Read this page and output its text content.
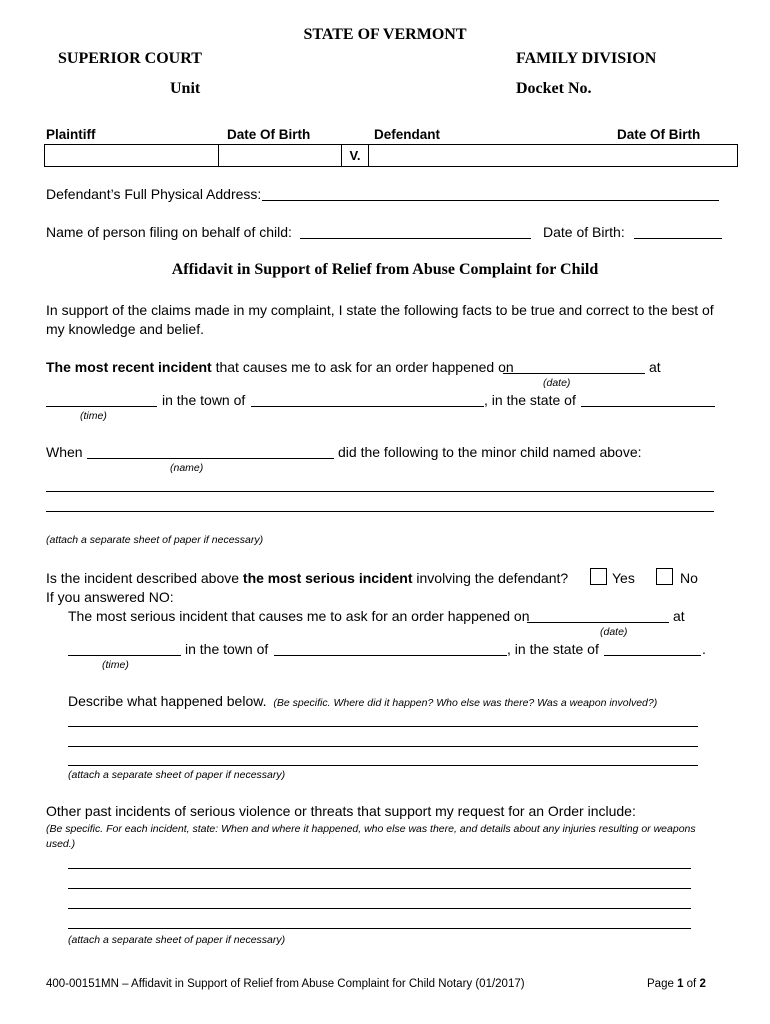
STATE OF VERMONT
SUPERIOR COURT	FAMILY DIVISION
Unit	Docket No.
Plaintiff	Date Of Birth	Defendant	Date Of Birth
V.
Defendant’s Full Physical Address:
Name of person filing on behalf of child:	Date of Birth:
Affidavit in Support of Relief from Abuse Complaint for Child
In support of the claims made in my complaint, I state the following facts to be true and correct to the best of my knowledge and belief.
The most recent incident that causes me to ask for an order happened on	at
(date)
in the town of	, in the state of
(time)
When	did the following to the minor child named above:
(name)
(attach a separate sheet of paper if necessary)
Is the incident described above the most serious incident involving the defendant?	Yes	No
If you answered NO:
The most serious incident that causes me to ask for an order happened on	at
(date)
in the town of	, in the state of	.
(time)
Describe what happened below. (Be specific. Where did it happen? Who else was there? Was a weapon involved?)
(attach a separate sheet of paper if necessary)
Other past incidents of serious violence or threats that support my request for an Order include:
(Be specific. For each incident, state: When and where it happened, who else was there, and details about any injuries resulting or weapons used.)
(attach a separate sheet of paper if necessary)
400-00151MN – Affidavit in Support of Relief from Abuse Complaint for Child Notary (01/2017)	Page 1 of 2
